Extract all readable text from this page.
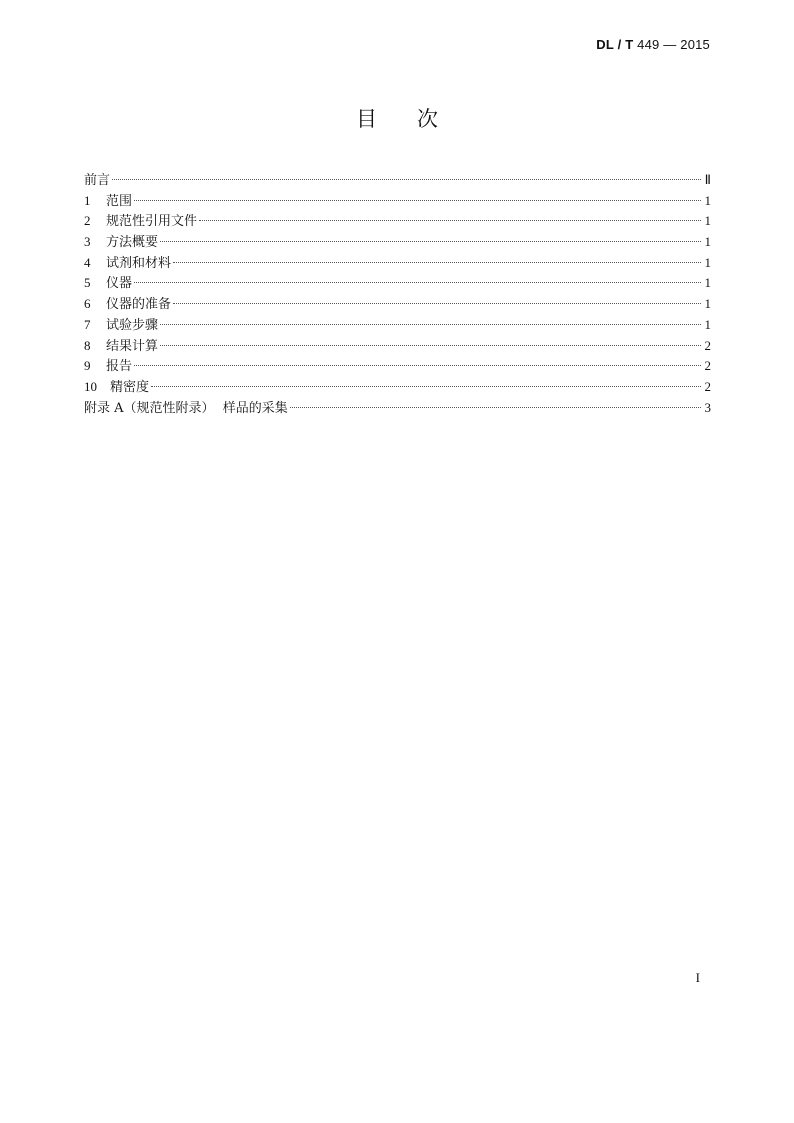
DL / T 449 — 2015
目 次
前言	Ⅱ
1	范围	1
2	规范性引用文件	1
3	方法概要	1
4	试剂和材料	1
5	仪器	1
6	仪器的准备	1
7	试验步骤	1
8	结果计算	2
9	报告	2
10	精密度	2
附录 A（规范性附录）  样品的采集	3
I
